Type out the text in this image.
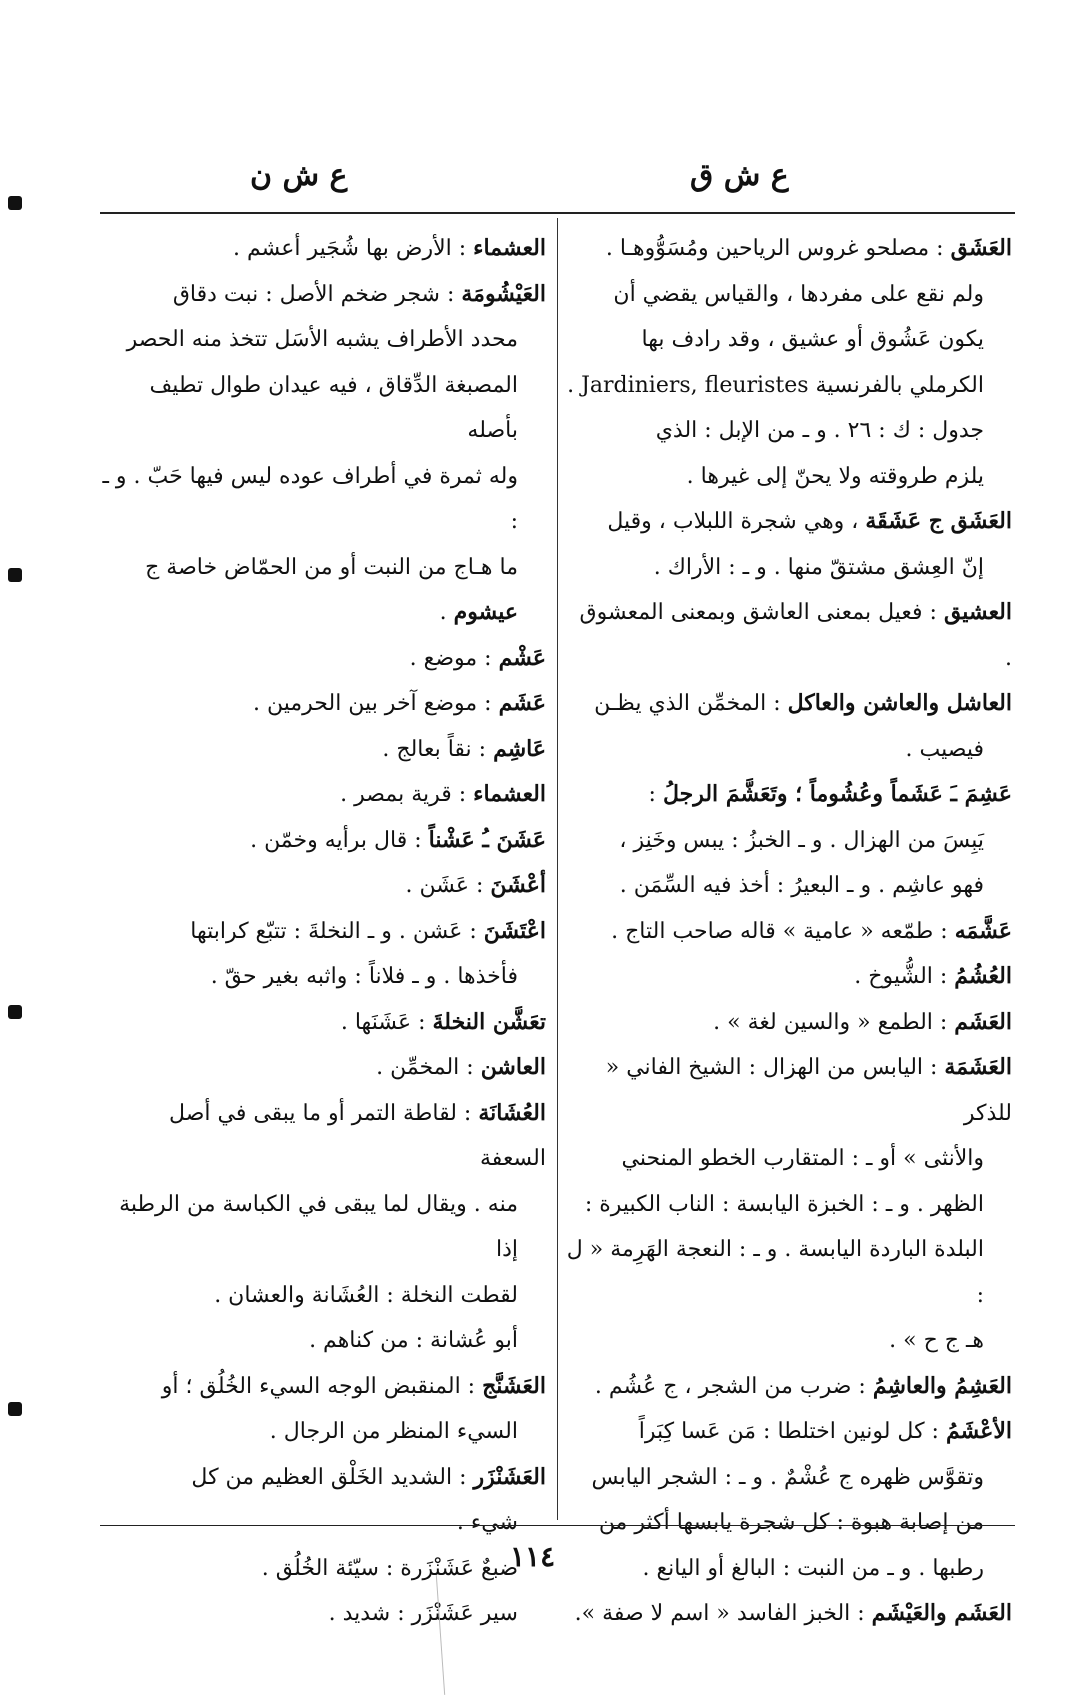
ع ش ق
ع ش ن

العَشَق : مصلحو غروس الرياحين ومُسَوُّوهـا .

ولم نقع على مفردها ، والقياس يقضي أن

يكون عَشُوق أو عشيق ، وقد رادف بها

الكرملي بالفرنسية Jardiniers, fleuristes .

جدول : ك : ٢٦ . و ـ من الإبل : الذي

يلزم طروقته ولا يحنّ إلى غيرها .

العَشَق ج عَشَقَة ، وهي شجرة اللبلاب ، وقيل

إنّ العِشق مشتقّ منها . و ـ : الأراك .

العشيق : فعيل بمعنى العاشق وبمعنى المعشوق .

العاشل والعاشن والعاكل : المخمِّن الذي يظـن

فيصيب .

عَشِمَ ـَ عَشَماً وعُشُوماً ؛ وتَعَشَّمَ الرجلُ :

يَبِسَ من الهزال . و ـ الخبزُ : يبس وخَنِز ،

فهو عاشِم . و ـ البعيرُ : أخذ فيه السِّمَن .

عَشَّمَه : طمّعه « عامية » قاله صاحب التاج .

العُشُمُ : الشُّيوخ .

العَشَم : الطمع « والسين لغة » .

العَشَمَة : اليابس من الهزال : الشيخ الفاني « للذكر

والأنثى » أو ـ : المتقارب الخطو المنحني

الظهر . و ـ : الخبزة اليابسة : الناب الكبيرة :

البلدة الباردة اليابسة . و ـ : النعجة الهَرِمة « ل :

هـ ج ح » .

العَشِمُ والعاشِمُ : ضرب من الشجر ، ج عُشُم .

الأعْشَمُ : كل لونين اختلطا : مَن عَسا كِبَراً

وتقوَّس ظهره ج عُشْمٌ . و ـ : الشجر اليابس

من إصابة هبوة : كل شجرة يابسها أكثر من

رطبها . و ـ من النبت : البالغ أو اليانع .

العَشَم والعَيْشَم : الخبز الفاسد « اسم لا صفة ».

العشماء : الأرض بها شُجَير أعشم .

العَيْشُومَة : شجر ضخم الأصل : نبت دقاق

محدد الأطراف يشبه الأسَل تتخذ منه الحصر

المصبغة الدِّقاق ، فيه عيدان طوال تطيف بأصله

وله ثمرة في أطراف عوده ليس فيها حَبّ . و ـ :

ما هـاج من النبت أو من الحمّاض خاصة ج

عيشوم .

عَشْم : موضع .

عَشَم : موضع آخر بين الحرمين .

عَاشِم : نقاً بعالج .

العشماء : قرية بمصر .

عَشَنَ ـُ عَشْناً : قال برأيه وخمّن .

أعْشَنَ : عَشَن .

اعْتَشَنَ : عَشن . و ـ النخلةَ : تتبّع كرابتها

فأخذها . و ـ فلاناً : واثبه بغير حقّ .

تعَشَّن النخلةَ : عَشَنَها .

العاشن : المخمِّن .

العُشَانَة : لقاطة التمر أو ما يبقى في أصل السعفة

منه . ويقال لما يبقى في الكباسة من الرطبة إذا

لقطت النخلة : العُشَانة والعشان .

أبو عُشانة : من كناهم .

العَشَنَّج : المنقبض الوجه السيء الخُلُق ؛ أو

السيء المنظر من الرجال .

العَشَنْزَر : الشديد الخَلْق العظيم من كل

شيء .

ضبعٌ عَشَنْزَرة : سيّئة الخُلُق .

سير عَشَنْزَر : شديد .

١١٤
